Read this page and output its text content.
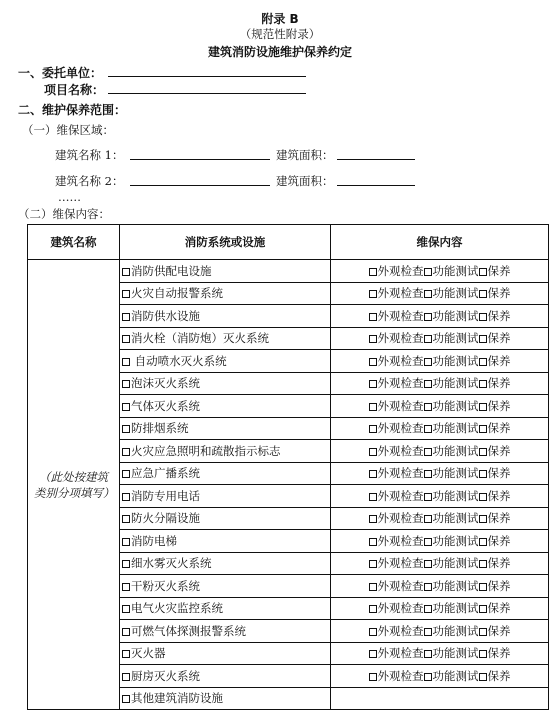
附录 B
（规范性附录）
建筑消防设施维护保养约定
一、委托单位：
项目名称：
二、维护保养范围：
（一）维保区域：
建筑名称 1：	建筑面积：
建筑名称 2：	建筑面积：
……
（二）维保内容：
建筑名称	消防系统或设施	维保内容
（此处按建筑类别分项填写）	消防供配电设施	外观检查 功能测试 保养
	火灾自动报警系统	外观检查 功能测试 保养
	消防供水设施	外观检查 功能测试 保养
	消火栓（消防炮）灭火系统	外观检查 功能测试 保养
	自动喷水灭火系统	外观检查 功能测试 保养
	泡沫灭火系统	外观检查 功能测试 保养
	气体灭火系统	外观检查 功能测试 保养
	防排烟系统	外观检查 功能测试 保养
	火灾应急照明和疏散指示标志	外观检查 功能测试 保养
	应急广播系统	外观检查 功能测试 保养
	消防专用电话	外观检查 功能测试 保养
	防火分隔设施	外观检查 功能测试 保养
	消防电梯	外观检查 功能测试 保养
	细水雾灭火系统	外观检查 功能测试 保养
	干粉灭火系统	外观检查 功能测试 保养
	电气火灾监控系统	外观检查 功能测试 保养
	可燃气体探测报警系统	外观检查 功能测试 保养
	灭火器	外观检查 功能测试 保养
	厨房灭火系统	外观检查 功能测试 保养
	其他建筑消防设施	
